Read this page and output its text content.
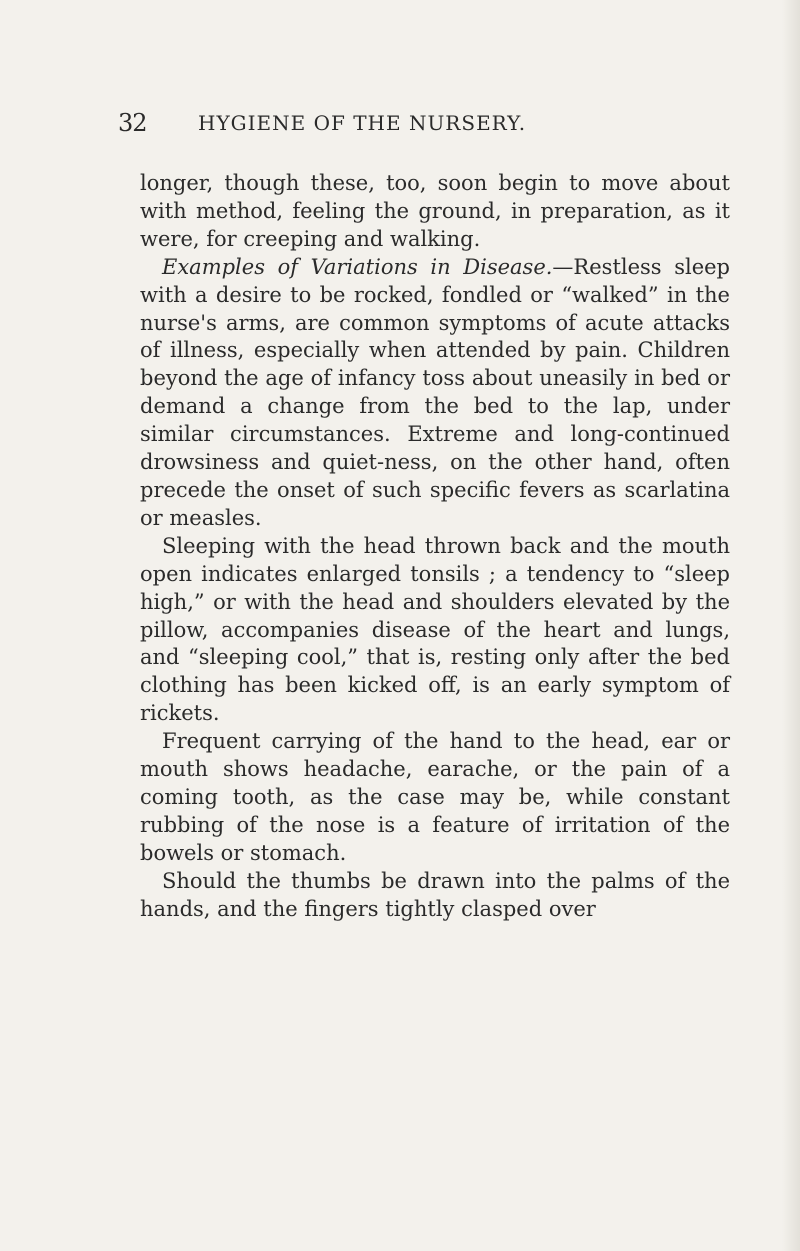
32	HYGIENE OF THE NURSERY.

longer, though these, too, soon begin to move about with method, feeling the ground, in preparation, as it were, for creeping and walking.

Examples of Variations in Disease.—Restless sleep with a desire to be rocked, fondled or “walked” in the nurse's arms, are common symptoms of acute attacks of illness, especially when attended by pain. Children beyond the age of infancy toss about uneasily in bed or demand a change from the bed to the lap, under similar circumstances. Extreme and long-continued drowsiness and quiet-ness, on the other hand, often precede the onset of such specific fevers as scarlatina or measles.

Sleeping with the head thrown back and the mouth open indicates enlarged tonsils ; a tendency to “sleep high,” or with the head and shoulders elevated by the pillow, accompanies disease of the heart and lungs, and “sleeping cool,” that is, resting only after the bed clothing has been kicked off, is an early symptom of rickets.

Frequent carrying of the hand to the head, ear or mouth shows headache, earache, or the pain of a coming tooth, as the case may be, while constant rubbing of the nose is a feature of irritation of the bowels or stomach.

Should the thumbs be drawn into the palms of the hands, and the fingers tightly clasped over
